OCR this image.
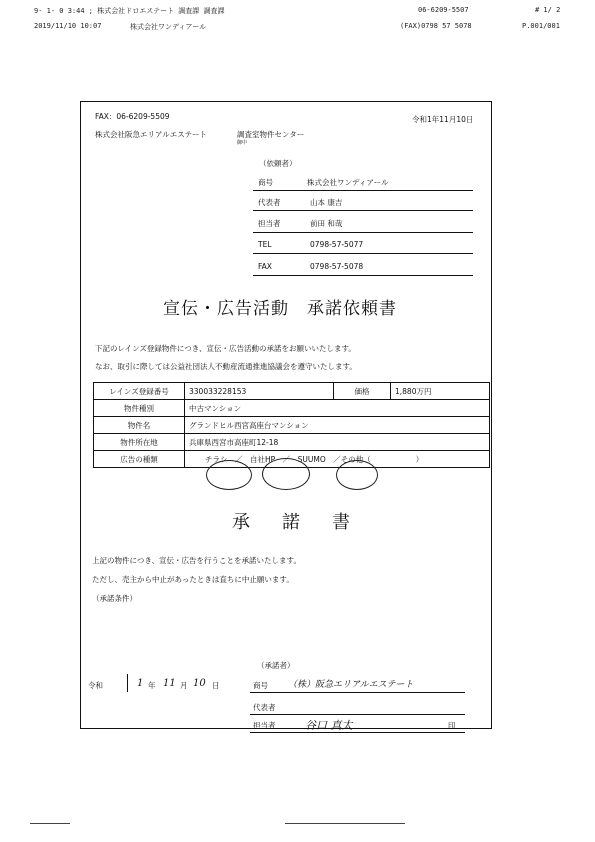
9- 1- 0 3:44 ; 株式会社ドロエステート 調査課 調査課	06-6209-5507	# 1/ 2
2019/11/10 10:07	株式会社ワンディアール	(FAX)0798 57 5078	P.001/001
FAX：06-6209-5509	令和1年11月10日
株式会社阪急エリアルエステート	調査室物件センター
御中
（依頼者）
商号	株式会社ワンディアール
代表者	山本 康吉
担当者	前田 和哉
TEL	0798-57-5077
FAX	0798-57-5078
宣伝・広告活動　承諾依頼書
下記のレインズ登録物件につき、宣伝・広告活動の承諾をお願いいたします。
なお、取引に際しては公益社団法人不動産流通推進協議会を遵守いたします。
レインズ登録番号	330033228153	価格	1,880万円
物件種別	中古マンション		
物件名	グランドヒル西宮高座台マンション		
物件所在地	兵庫県西宮市高座町12-18		
広告の種類	チラシ　／　自社HP　／　SUUMO　／その他（　　　　　　）		
承諾書
上記の物件につき、宣伝・広告を行うことを承諾いたします。
ただし、売主から中止があったときは直ちに中止願います。
（承諾条件）
（承諾者）
令和	1 年 11 月 10 日	商号 （株）阪急エリアルエステート
代表者
担当者	谷口 真太	印
